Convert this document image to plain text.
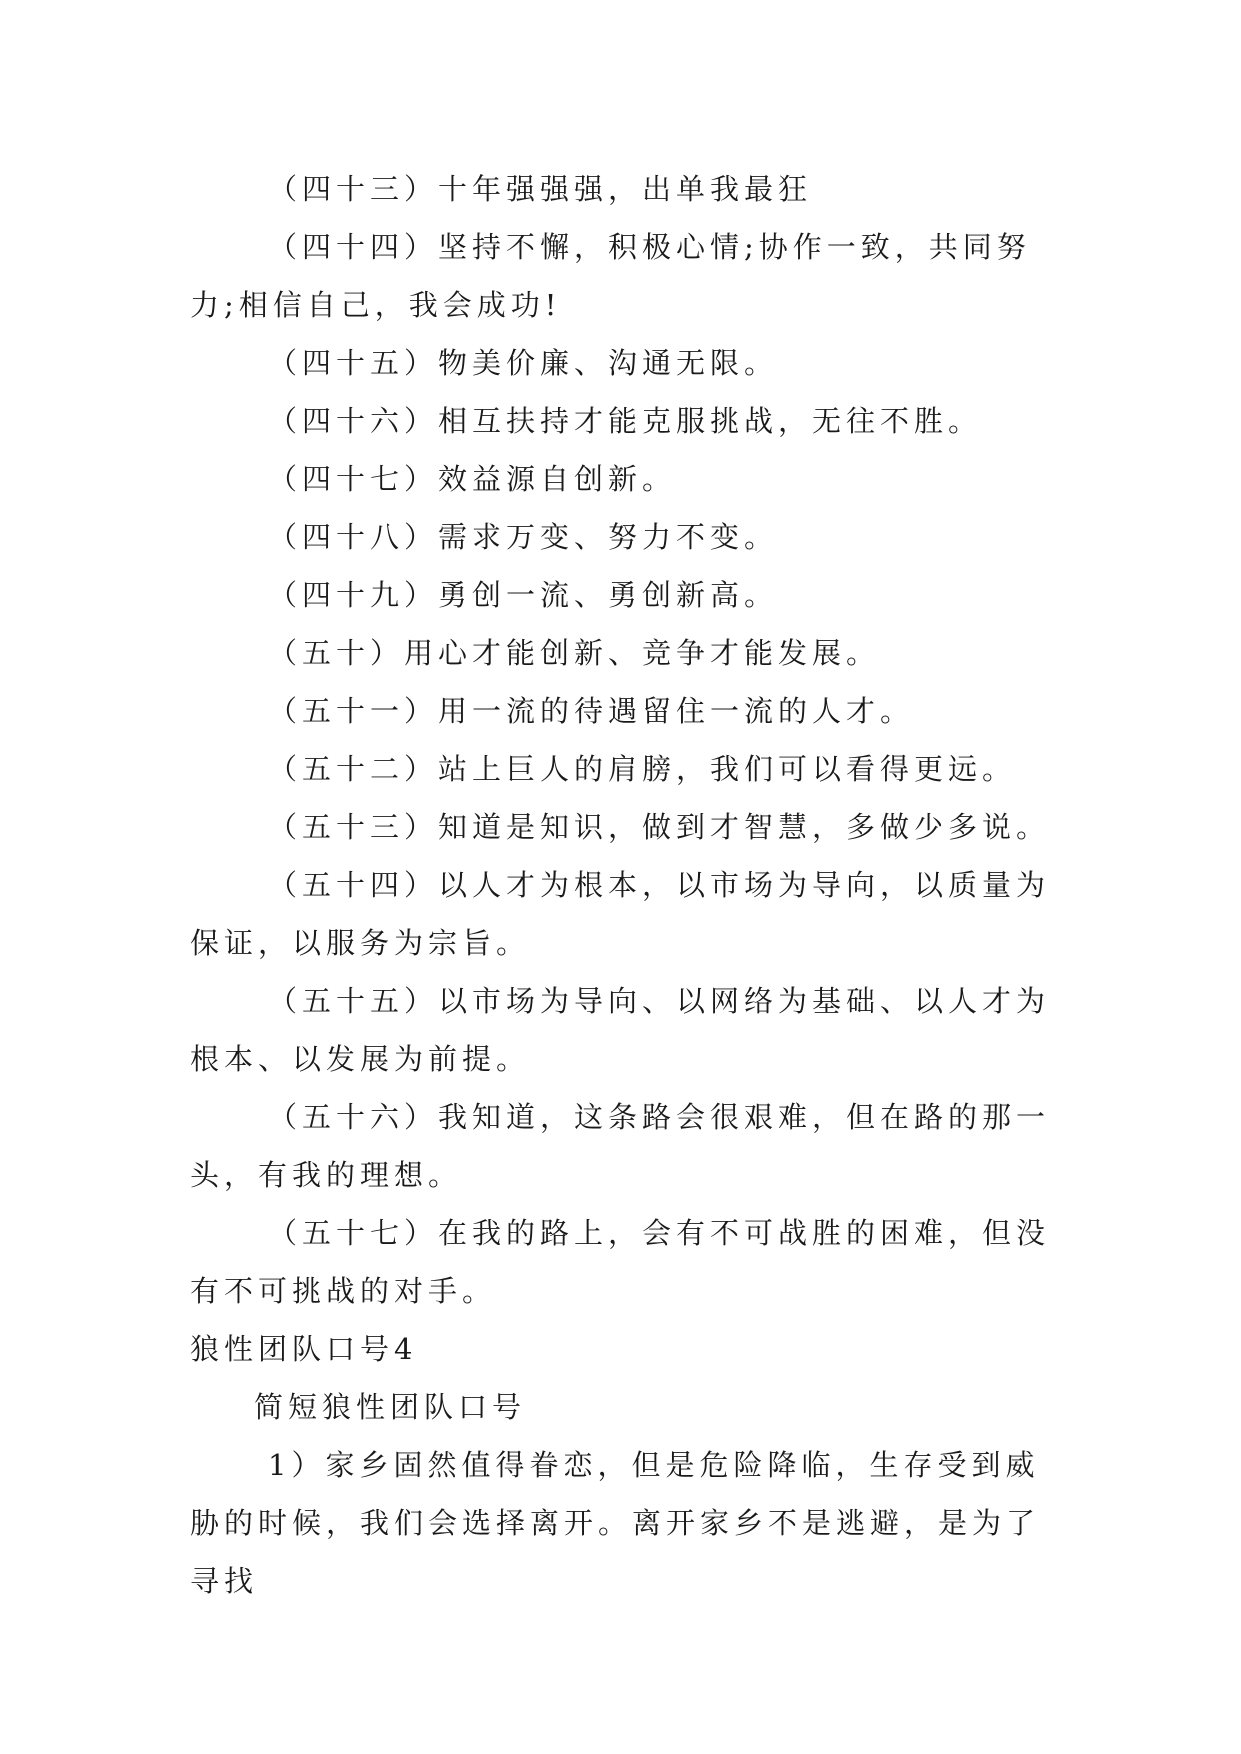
（四十三）十年强强强，出单我最狂

（四十四）坚持不懈，积极心情;协作一致，共同努力;相信自己，我会成功!

（四十五）物美价廉、沟通无限。

（四十六）相互扶持才能克服挑战，无往不胜。

（四十七）效益源自创新。

（四十八）需求万变、努力不变。

（四十九）勇创一流、勇创新高。

（五十）用心才能创新、竞争才能发展。

（五十一）用一流的待遇留住一流的人才。

（五十二）站上巨人的肩膀，我们可以看得更远。

（五十三）知道是知识，做到才智慧，多做少多说。

（五十四）以人才为根本，以市场为导向，以质量为保证，以服务为宗旨。

（五十五）以市场为导向、以网络为基础、以人才为根本、以发展为前提。

（五十六）我知道，这条路会很艰难，但在路的那一头，有我的理想。

（五十七）在我的路上，会有不可战胜的困难，但没有不可挑战的对手。

狼性团队口号4

简短狼性团队口号

1）家乡固然值得眷恋，但是危险降临，生存受到威胁的时候，我们会选择离开。离开家乡不是逃避，是为了寻找
